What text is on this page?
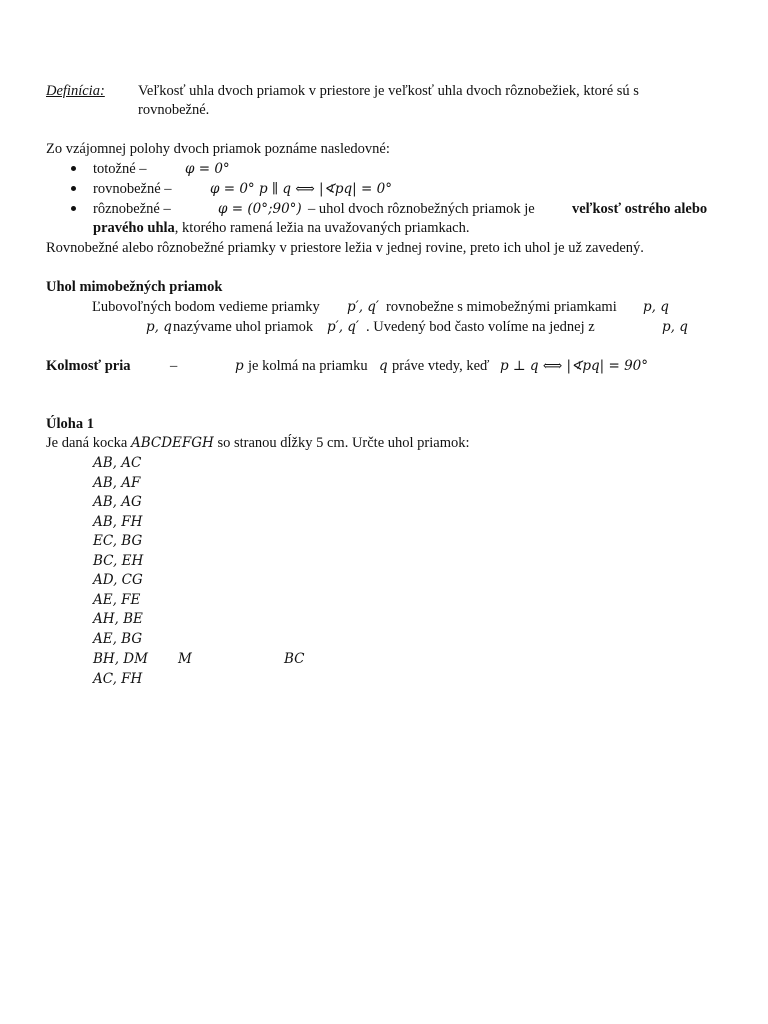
Definícia: Veľkosť uhla dvoch priamok v priestore je veľkosť uhla dvoch rôznobežiek, ktoré sú s
rovnobežné.
Zo vzájomnej polohy dvoch priamok poznáme nasledovné:
totožné –	φ = 0°
rovnobežné –	φ = 0° p ∥ q ⟺ |∢pq| = 0°
rôznobežné –	φ = (0°;90°) – uhol dvoch rôznobežných priamok je	veľkosť ostrého alebo
pravého uhla, ktorého ramená ležia na uvažovaných priamkach.
Rovnobežné alebo rôznobežné priamky v priestore ležia v jednej rovine, preto ich uhol je už zavedený.
Uhol mimobežných priamok
Ľubovoľných bodom vedieme priamky p′, q′ rovnobežne s mimobežnými priamkami p, q
p, q nazývame uhol priamok p′, q′ . Uvedený bod často volíme na jednej z	p, q
Kolmosť pria	–	p je kolmá na priamku q práve vtedy, keď p ⊥ q ⟺ |∢pq| = 90°
Úloha 1
Je daná kocka ABCDEFGH so stranou dĺžky 5 cm. Určte uhol priamok:
AB, AC
AB, AF
AB, AG
AB, FH
EC, BG
BC, EH
AD, CG
AE, FE
AH, BE
AE, BG
BH, DM M	BC
AC, FH
